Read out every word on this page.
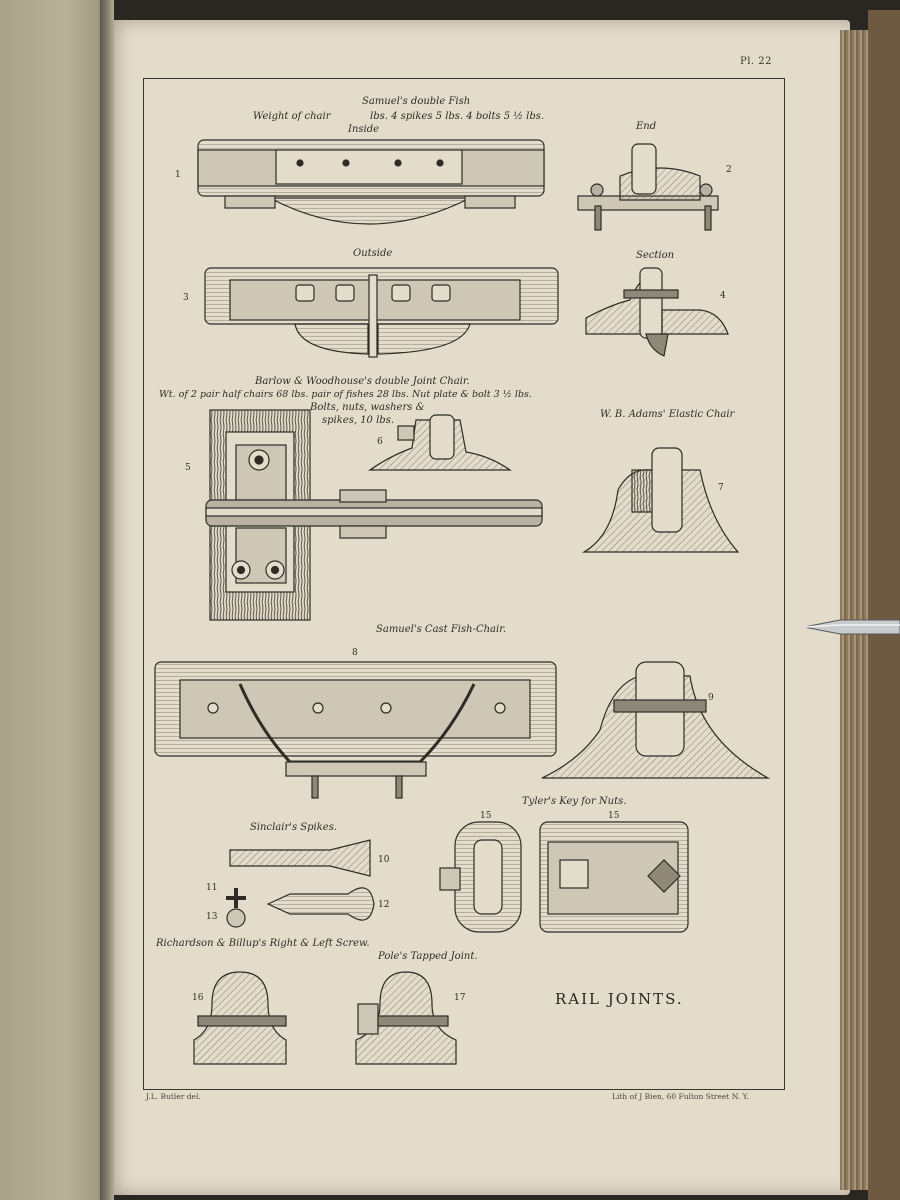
Pl. 22
Samuel's double Fish
Weight of chair	lbs. 4 spikes 5 lbs. 4 bolts 5 ½ lbs.
Inside	End
Outside	Section
Barlow & Woodhouse's double Joint Chair.
Wt. of 2 pair half chairs 68 lbs. pair of fishes 28 lbs. Nut plate & bolt 3 ½ lbs.
Bolts, nuts, washers &
spikes, 10 lbs.
W. B. Adams' Elastic Chair
Samuel's Cast Fish-Chair.
Tyler's Key for Nuts.
Sinclair's Spikes.
Richardson & Billup's Right & Left Screw.
Pole's Tapped Joint.
1	2
3	4
5
6
7
8
9
10
11
12
13
15	15
16	17	RAIL JOINTS.
J.L. Butler del.	Lith of J Bien, 60 Fulton Street N. Y.
